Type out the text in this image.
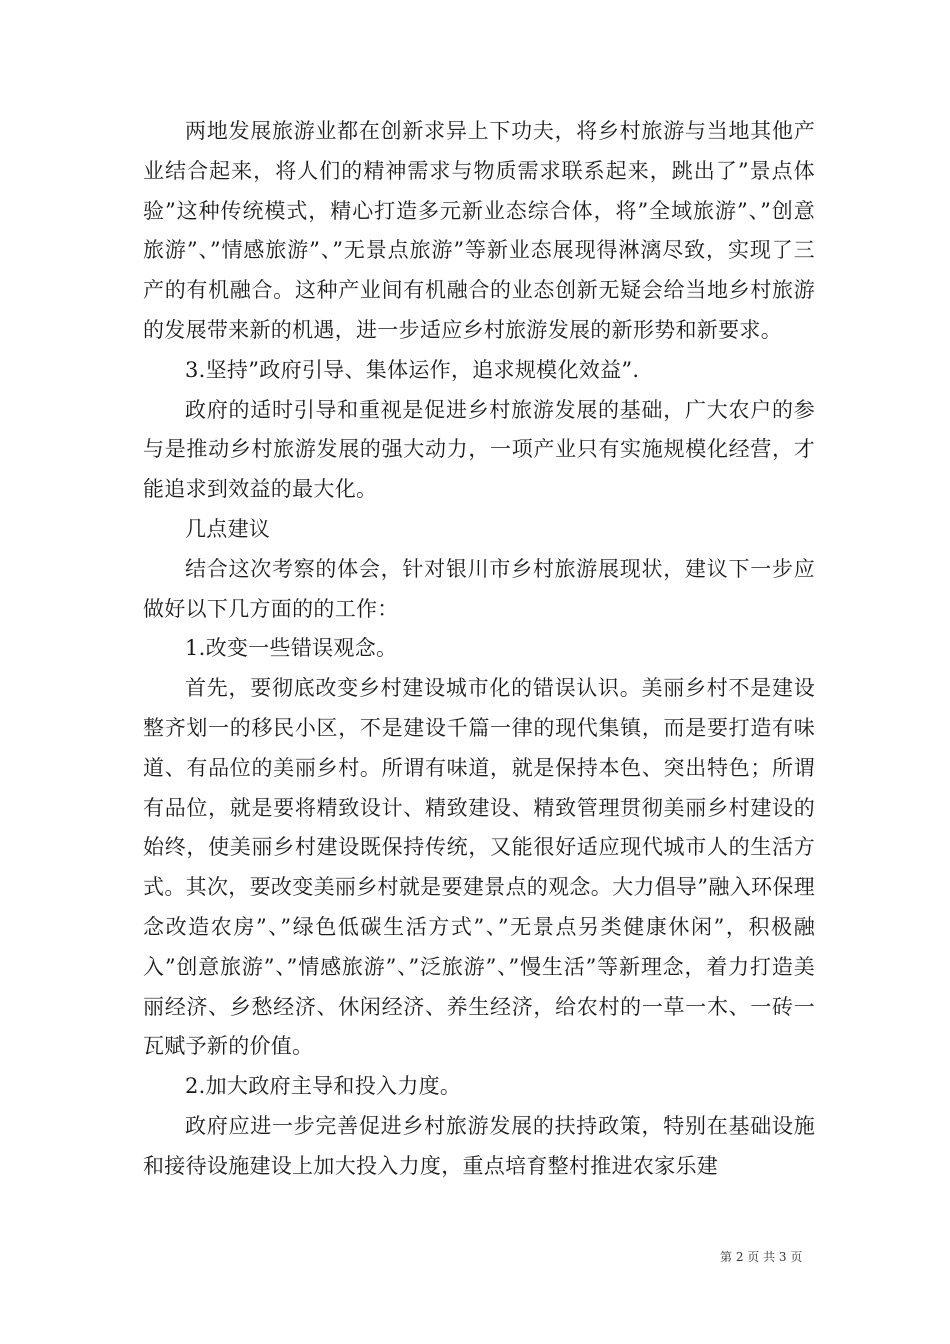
两地发展旅游业都在创新求异上下功夫，将乡村旅游与当地其他产业结合起来，将人们的精神需求与物质需求联系起来，跳出了”景点体验”这种传统模式，精心打造多元新业态综合体，将”全域旅游”、”创意旅游”、”情感旅游”、”无景点旅游”等新业态展现得淋漓尽致，实现了三产的有机融合。这种产业间有机融合的业态创新无疑会给当地乡村旅游的发展带来新的机遇，进一步适应乡村旅游发展的新形势和新要求。

3.坚持”政府引导、集体运作，追求规模化效益”.

政府的适时引导和重视是促进乡村旅游发展的基础，广大农户的参与是推动乡村旅游发展的强大动力，一项产业只有实施规模化经营，才能追求到效益的最大化。

几点建议

结合这次考察的体会，针对银川市乡村旅游展现状，建议下一步应做好以下几方面的的工作：

1.改变一些错误观念。

首先，要彻底改变乡村建设城市化的错误认识。美丽乡村不是建设整齐划一的移民小区，不是建设千篇一律的现代集镇，而是要打造有味道、有品位的美丽乡村。所谓有味道，就是保持本色、突出特色；所谓有品位，就是要将精致设计、精致建设、精致管理贯彻美丽乡村建设的始终，使美丽乡村建设既保持传统，又能很好适应现代城市人的生活方式。其次，要改变美丽乡村就是要建景点的观念。大力倡导”融入环保理念改造农房”、”绿色低碳生活方式”、”无景点另类健康休闲”，积极融入”创意旅游”、”情感旅游”、”泛旅游”、”慢生活”等新理念，着力打造美丽经济、乡愁经济、休闲经济、养生经济，给农村的一草一木、一砖一瓦赋予新的价值。

2.加大政府主导和投入力度。

政府应进一步完善促进乡村旅游发展的扶持政策，特别在基础设施和接待设施建设上加大投入力度，重点培育整村推进农家乐建

第 2 页 共 3 页
